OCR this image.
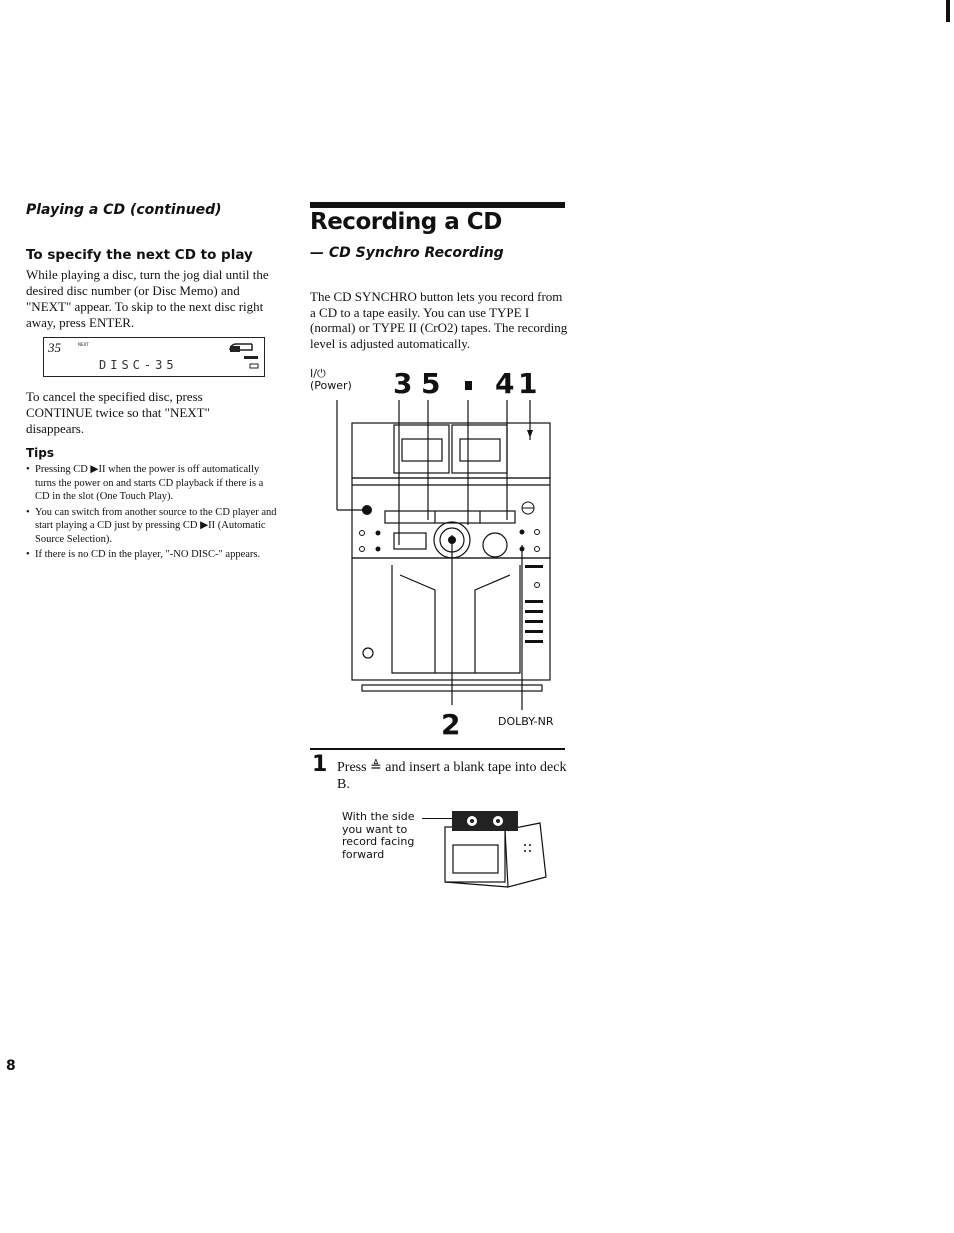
Playing a CD (continued)
To specify the next CD to play
While playing a disc, turn the jog dial until the desired disc number (or Disc Memo) and "NEXT" appear. To skip to the next disc right away, press ENTER.
35	NEXT
DISC-35
To cancel the specified disc, press CONTINUE twice so that "NEXT" disappears.
Tips
• Pressing CD ▶II when the power is off automatically turns the power on and starts CD playback if there is a CD in the slot (One Touch Play).
• You can switch from another source to the CD player and start playing a CD just by pressing CD ▶II (Automatic Source Selection).
• If there is no CD in the player, "-NO DISC-" appears.
Recording a CD
— CD Synchro Recording
The CD SYNCHRO button lets you record from a CD to a tape easily. You can use TYPE I (normal) or TYPE II (CrO2) tapes. The recording level is adjusted automatically.
I/⏻
(Power) 3 5 4 1
2	DOLBY-NR
1 Press ≜ and insert a blank tape into deck B.
With the side
you want to
record facing
forward
8
